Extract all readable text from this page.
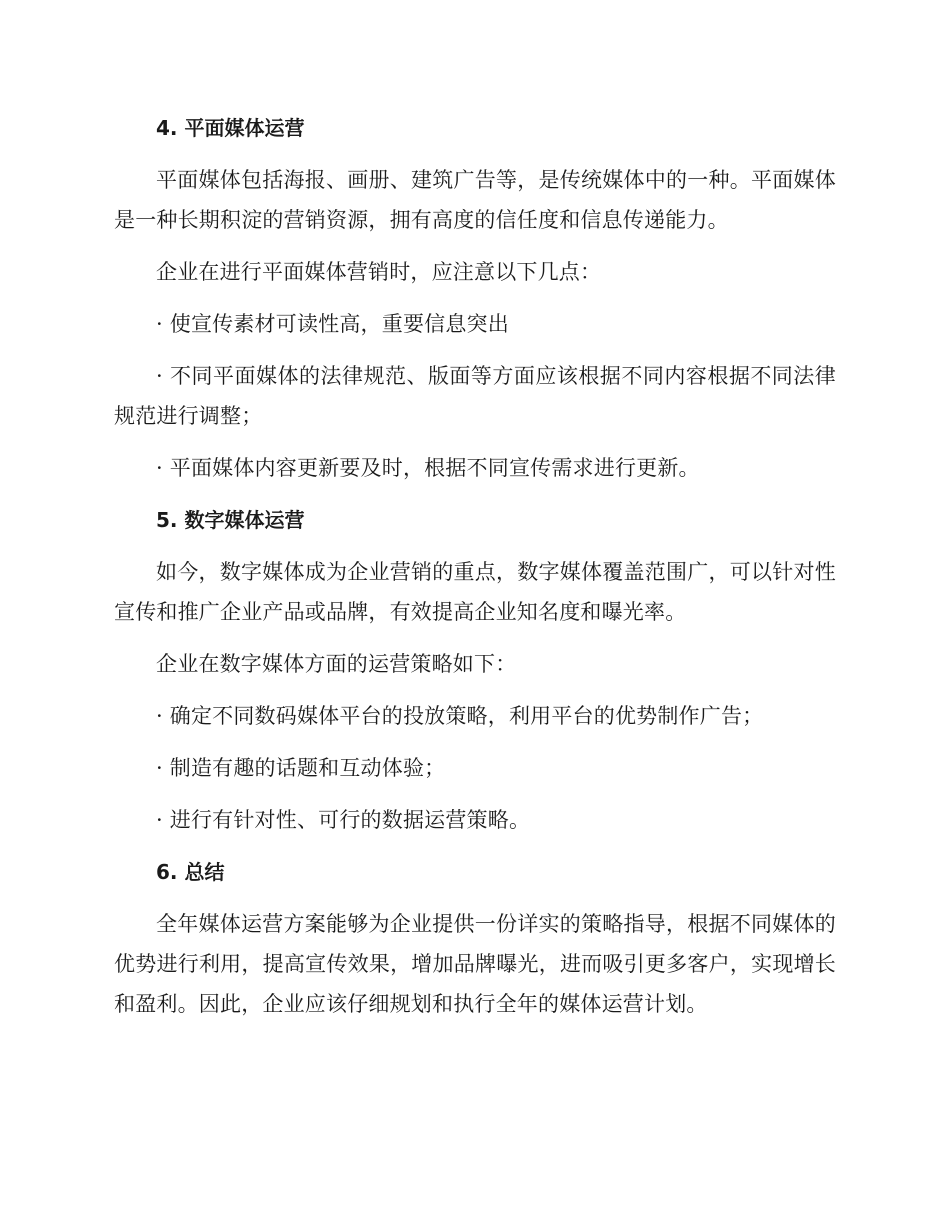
4. 平面媒体运营

平面媒体包括海报、画册、建筑广告等，是传统媒体中的一种。平面媒体是一种长期积淀的营销资源，拥有高度的信任度和信息传递能力。

企业在进行平面媒体营销时，应注意以下几点：

· 使宣传素材可读性高，重要信息突出

· 不同平面媒体的法律规范、版面等方面应该根据不同内容根据不同法律规范进行调整；

· 平面媒体内容更新要及时，根据不同宣传需求进行更新。

5. 数字媒体运营

如今，数字媒体成为企业营销的重点，数字媒体覆盖范围广，可以针对性宣传和推广企业产品或品牌，有效提高企业知名度和曝光率。

企业在数字媒体方面的运营策略如下：

· 确定不同数码媒体平台的投放策略，利用平台的优势制作广告；

· 制造有趣的话题和互动体验；

· 进行有针对性、可行的数据运营策略。

6. 总结

全年媒体运营方案能够为企业提供一份详实的策略指导，根据不同媒体的优势进行利用，提高宣传效果，增加品牌曝光，进而吸引更多客户，实现增长和盈利。因此，企业应该仔细规划和执行全年的媒体运营计划。
